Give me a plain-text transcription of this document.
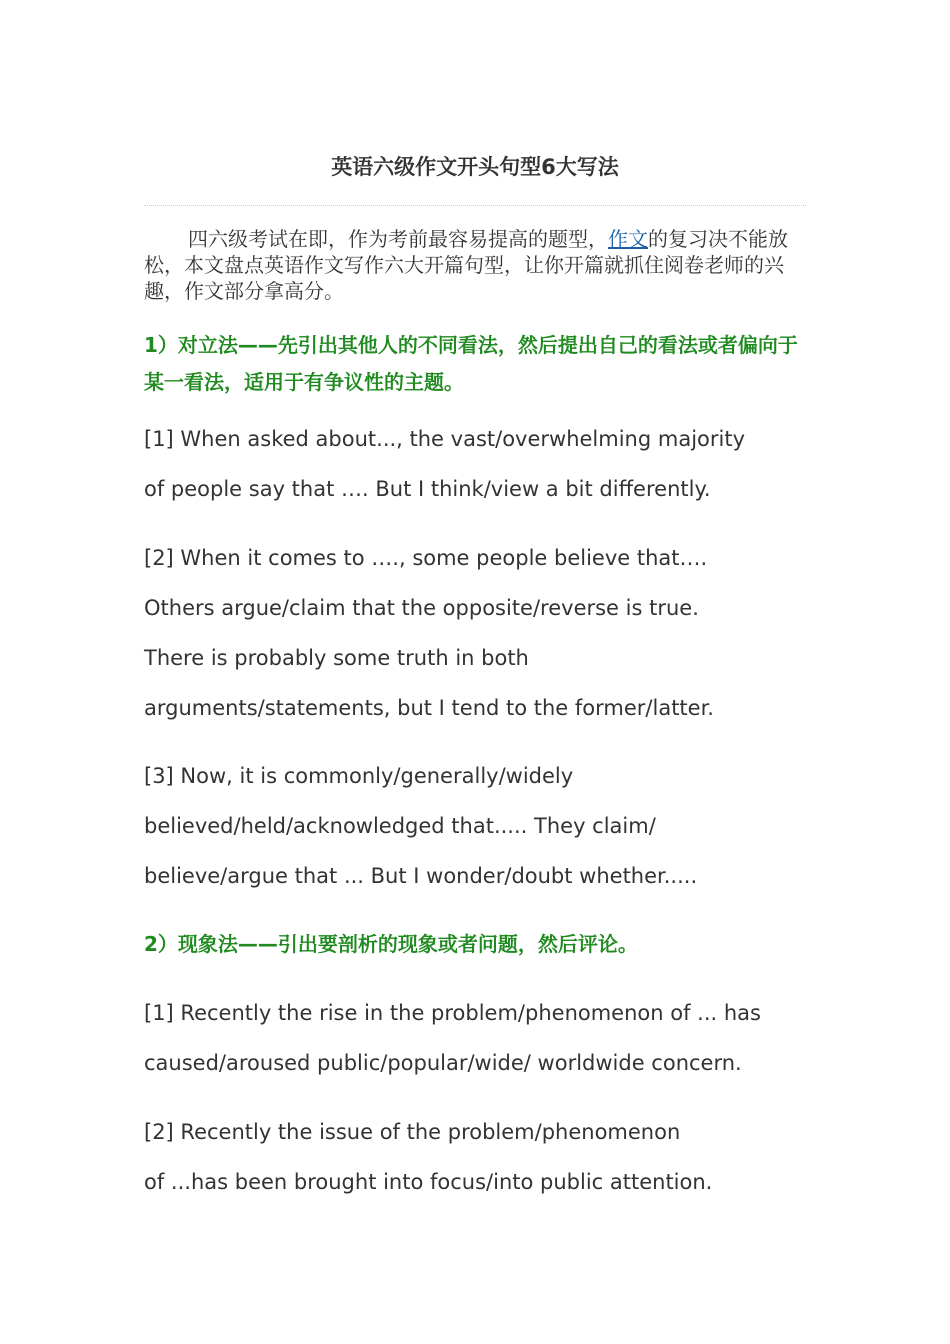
英语六级作文开头句型6大写法

四六级考试在即，作为考前最容易提高的题型，作文的复习决不能放松，本文盘点英语作文写作六大开篇句型，让你开篇就抓住阅卷老师的兴趣，作文部分拿高分。

1）对立法——先引出其他人的不同看法，然后提出自己的看法或者偏向于某一看法，适用于有争议性的主题。

[1] When asked about..., the vast/overwhelming majority
of people say that …. But I think/view a bit differently.

[2] When it comes to …., some people believe that….
Others argue/claim that the opposite/reverse is true.
There is probably some truth in both
arguments/statements, but I tend to the former/latter.

[3] Now, it is commonly/generally/widely
believed/held/acknowledged that..... They claim/
believe/argue that ... But I wonder/doubt whether.....

2）现象法——引出要剖析的现象或者问题，然后评论。

[1] Recently the rise in the problem/phenomenon of ... has
caused/aroused public/popular/wide/ worldwide concern.

[2] Recently the issue of the problem/phenomenon
of ...has been brought into focus/into public attention.
